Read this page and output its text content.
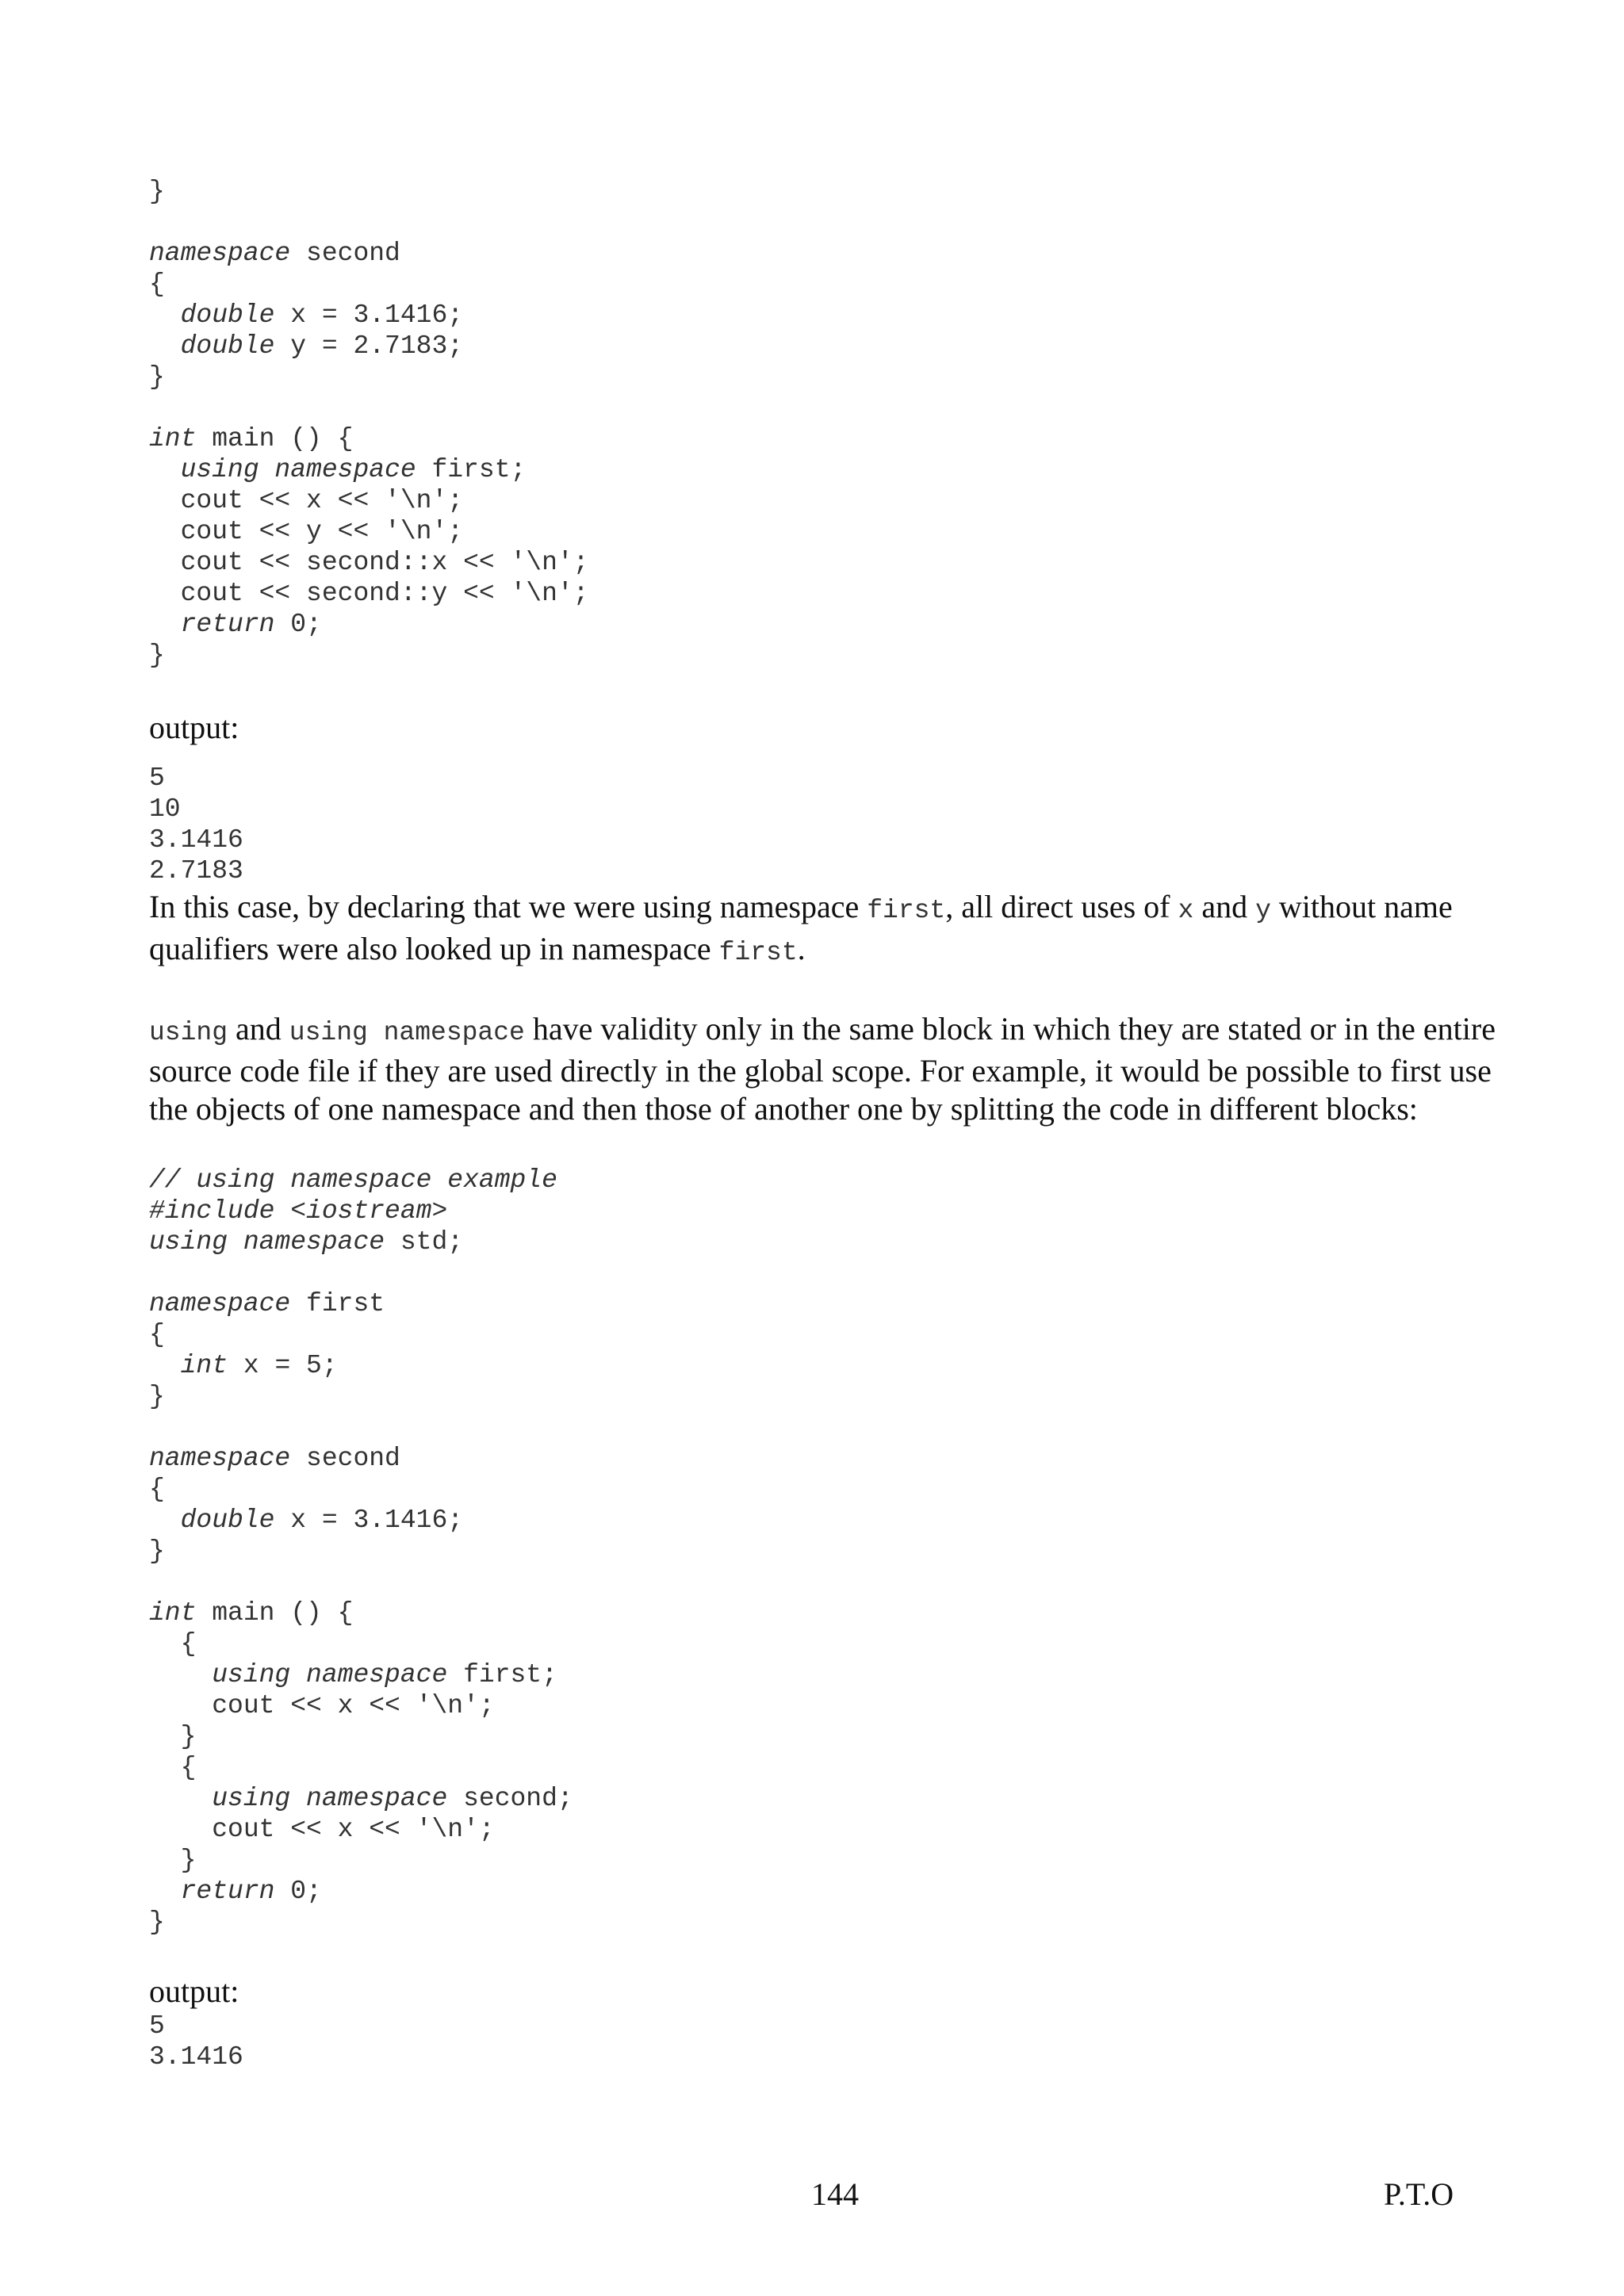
}
namespace second
{
double x = 3.1416;
double y = 2.7183;
}
int main () {
using namespace first;
cout << x << '\n';
cout << y << '\n';
cout << second::x << '\n';
cout << second::y << '\n';
return 0;
}
output:
5
10
3.1416
2.7183
In this case, by declaring that we were using namespace first, all direct uses of x and y without name qualifiers were also looked up in namespace first.
using and using namespace have validity only in the same block in which they are stated or in the entire source code file if they are used directly in the global scope. For example, it would be possible to first use the objects of one namespace and then those of another one by splitting the code in different blocks:
// using namespace example
#include <iostream>
using namespace std;
namespace first
{
int x = 5;
}
namespace second
{
double x = 3.1416;
}
int main () {
{
using namespace first;
cout << x << '\n';
}
{
using namespace second;
cout << x << '\n';
}
return 0;
}
output:
5
3.1416
144	P.T.O
